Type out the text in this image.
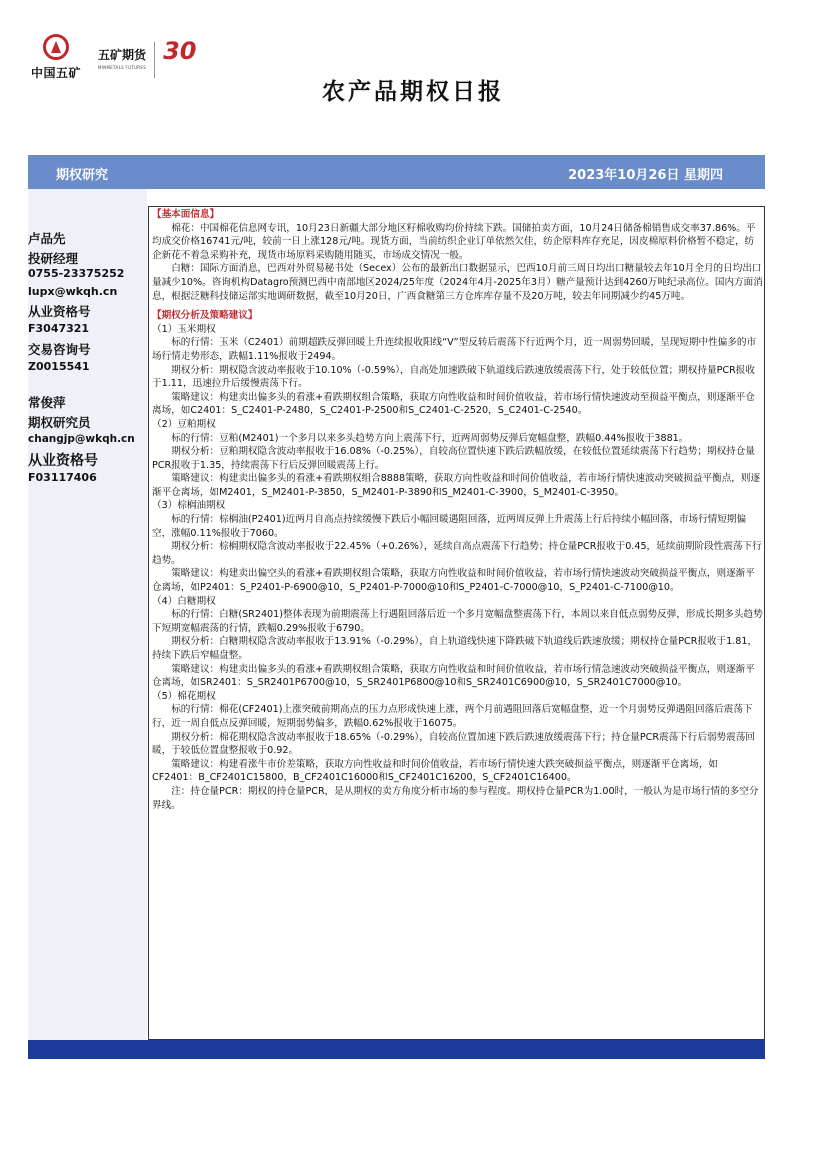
中国五矿
五矿期货
MINMETALS FUTURES
30
农产品期权日报
期权研究	2023年10月26日 星期四
卢品先
投研经理
0755-23375252
lupx@wkqh.cn
从业资格号
F3047321
交易咨询号
Z0015541
常俊萍
期权研究员
changjp@wkqh.cn
从业资格号
F03117406

【基本面信息】

棉花：中国棉花信息网专讯，10月23日新疆大部分地区籽棉收购均价持续下跌。国储拍卖方面，10月24日储备棉销售成交率37.86%。平均成交价格16741元/吨，较前一日上涨128元/吨。现货方面，当前纺织企业订单依然欠佳，纺企原料库存充足，因皮棉原料价格暂不稳定，纺企新花不着急采购补充，现货市场原料采购随用随买，市场成交情况一般。

白糖：国际方面消息，巴西对外贸易秘书处（Secex）公布的最新出口数据显示，巴西10月前三周日均出口糖量较去年10月全月的日均出口量减少10%。咨询机构Datagro预测巴西中南部地区2024/25年度（2024年4月-2025年3月）糖产量预计达到4260万吨纪录高位。国内方面消息，根据泛糖科技储运部实地调研数据，截至10月20日，广西食糖第三方仓库库存量不及20万吨，较去年同期减少约45万吨。

【期权分析及策略建议】

（1）玉米期权

标的行情：玉米（C2401）前期超跌反弹回暖上升连续报收阳线“V”型反转后震荡下行近两个月，近一周弱势回暖，呈现短期中性偏多的市场行情走势形态，跌幅1.11%报收于2494。

期权分析：期权隐含波动率报收于10.10%（-0.59%），自高处加速跌破下轨道线后跌速放缓震荡下行，处于较低位置；期权持量PCR报收于1.11，迅速拉升后缓慢震荡下行。

策略建议：构建卖出偏多头的看涨+看跌期权组合策略，获取方向性收益和时间价值收益，若市场行情快速波动至损益平衡点，则逐渐平仓离场，如C2401：S_C2401-P-2480，S_C2401-P-2500和S_C2401-C-2520，S_C2401-C-2540。

（2）豆粕期权

标的行情：豆粕(M2401)一个多月以来多头趋势方向上震荡下行，近两周弱势反弹后宽幅盘整，跌幅0.44%报收于3881。

期权分析：豆粕期权隐含波动率报收于16.08%（-0.25%），自较高位置快速下跌后跌幅放缓，在较低位置延续震荡下行趋势；期权持仓量PCR报收于1.35，持续震荡下行后反弹回暖震荡上行。

策略建议：构建卖出偏多头的看涨+看跌期权组合8888策略，获取方向性收益和时间价值收益，若市场行情快速波动突破损益平衡点，则逐渐平仓离场，如M2401，S_M2401-P-3850，S_M2401-P-3890和S_M2401-C-3900，S_M2401-C-3950。

（3）棕榈油期权

标的行情：棕榈油(P2401)近两月自高点持续缓慢下跌后小幅回暖遇阻回落，近两周反弹上升震荡上行后持续小幅回落，市场行情短期偏空，涨幅0.11%报收于7060。

期权分析：棕榈期权隐含波动率报收于22.45%（+0.26%），延续自高点震荡下行趋势；持仓量PCR报收于0.45，延续前期阶段性震荡下行趋势。

策略建议：构建卖出偏空头的看涨+看跌期权组合策略，获取方向性收益和时间价值收益，若市场行情快速波动突破损益平衡点，则逐渐平仓离场，如P2401：S_P2401-P-6900@10，S_P2401-P-7000@10和S_P2401-C-7000@10，S_P2401-C-7100@10。

（4）白糖期权

标的行情：白糖(SR2401)整体表现为前期震荡上行遇阻回落后近一个多月宽幅盘整震荡下行，本周以来自低点弱势反弹，形成长期多头趋势下短期宽幅震荡的行情，跌幅0.29%报收于6790。

期权分析：白糖期权隐含波动率报收于13.91%（-0.29%），自上轨道线快速下降跌破下轨道线后跌速放缓；期权持仓量PCR报收于1.81，持续下跌后窄幅盘整。

策略建议：构建卖出偏多头的看涨+看跌期权组合策略，获取方向性收益和时间价值收益，若市场行情急速波动突破损益平衡点，则逐渐平仓离场，如SR2401：S_SR2401P6700@10，S_SR2401P6800@10和S_SR2401C6900@10，S_SR2401C7000@10。

（5）棉花期权

标的行情：棉花(CF2401)上涨突破前期高点的压力点形成快速上涨，两个月前遇阻回落后宽幅盘整，近一个月弱势反弹遇阻回落后震荡下行，近一周自低点反弹回暖，短期弱势偏多，跌幅0.62%报收于16075。

期权分析：棉花期权隐含波动率报收于18.65%（-0.29%），自较高位置加速下跌后跌速放缓震荡下行；持仓量PCR震荡下行后弱势震荡回暖，于较低位置盘整报收于0.92。

策略建议：构建看涨牛市价差策略，获取方向性收益和时间价值收益，若市场行情快速大跌突破损益平衡点，则逐渐平仓离场，如CF2401：B_CF2401C15800，B_CF2401C16000和S_CF2401C16200，S_CF2401C16400。

注：持仓量PCR：期权的持仓量PCR，是从期权的卖方角度分析市场的参与程度。期权持仓量PCR为1.00时，一般认为是市场行情的多空分界线。
